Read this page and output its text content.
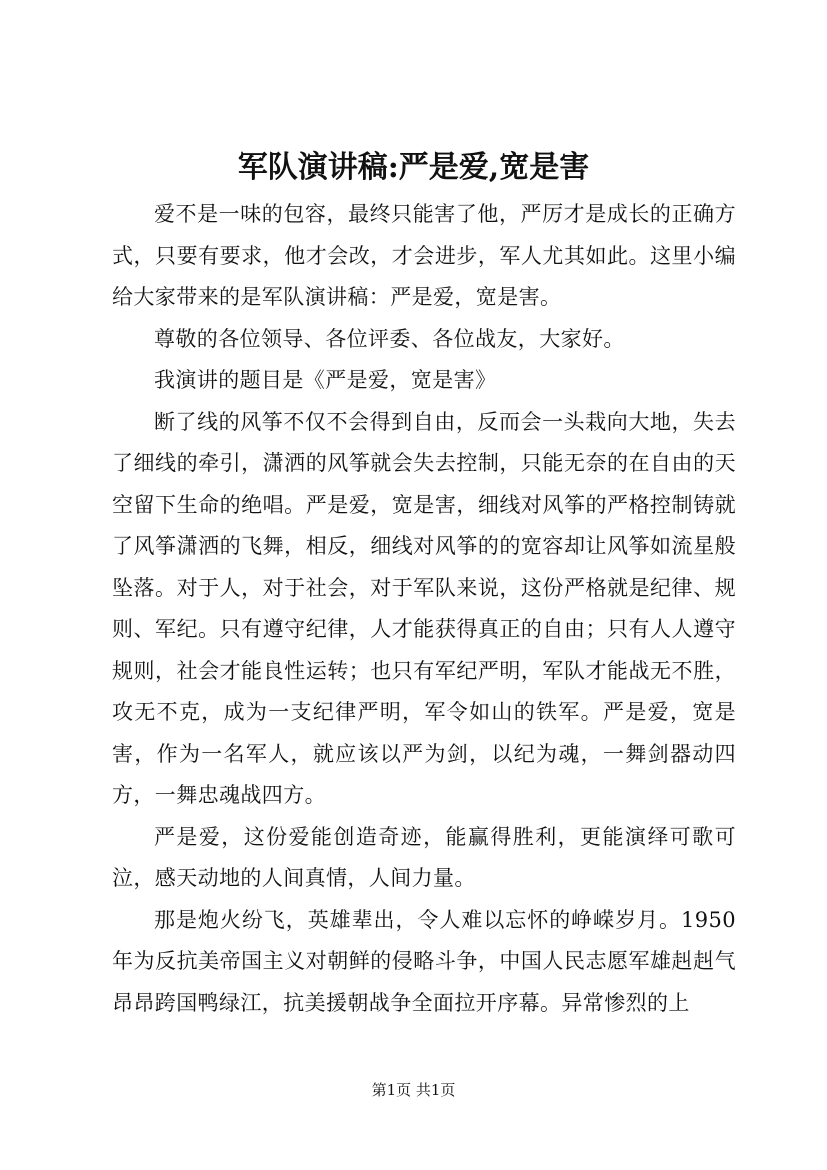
军队演讲稿:严是爱,宽是害

爱不是一味的包容，最终只能害了他，严厉才是成长的正确方式，只要有要求，他才会改，才会进步，军人尤其如此。这里小编给大家带来的是军队演讲稿：严是爱，宽是害。

尊敬的各位领导、各位评委、各位战友，大家好。

我演讲的题目是《严是爱，宽是害》

断了线的风筝不仅不会得到自由，反而会一头栽向大地，失去了细线的牵引，潇洒的风筝就会失去控制，只能无奈的在自由的天空留下生命的绝唱。严是爱，宽是害，细线对风筝的严格控制铸就了风筝潇洒的飞舞，相反，细线对风筝的的宽容却让风筝如流星般坠落。对于人，对于社会，对于军队来说，这份严格就是纪律、规则、军纪。只有遵守纪律，人才能获得真正的自由；只有人人遵守规则，社会才能良性运转；也只有军纪严明，军队才能战无不胜，攻无不克，成为一支纪律严明，军令如山的铁军。严是爱，宽是害，作为一名军人，就应该以严为剑，以纪为魂，一舞剑器动四方，一舞忠魂战四方。

严是爱，这份爱能创造奇迹，能赢得胜利，更能演绎可歌可泣，感天动地的人间真情，人间力量。

那是炮火纷飞，英雄辈出，令人难以忘怀的峥嵘岁月。1950年为反抗美帝国主义对朝鲜的侵略斗争，中国人民志愿军雄赳赳气昂昂跨国鸭绿江，抗美援朝战争全面拉开序幕。异常惨烈的上

第1页 共1页
